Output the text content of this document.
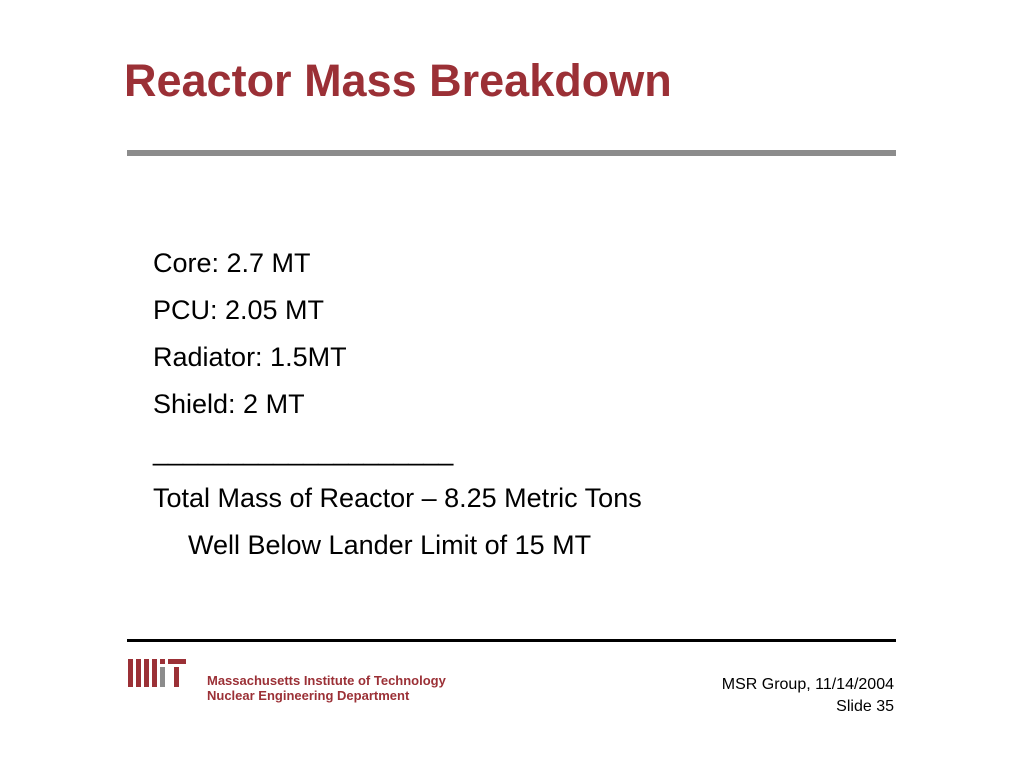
Reactor Mass Breakdown
Core: 2.7 MT
PCU: 2.05 MT
Radiator: 1.5MT
Shield: 2 MT
____________________
Total Mass of Reactor – 8.25 Metric Tons
Well Below Lander Limit of 15 MT
Massachusetts Institute of Technology
Nuclear Engineering Department
MSR Group, 11/14/2004
Slide 35
